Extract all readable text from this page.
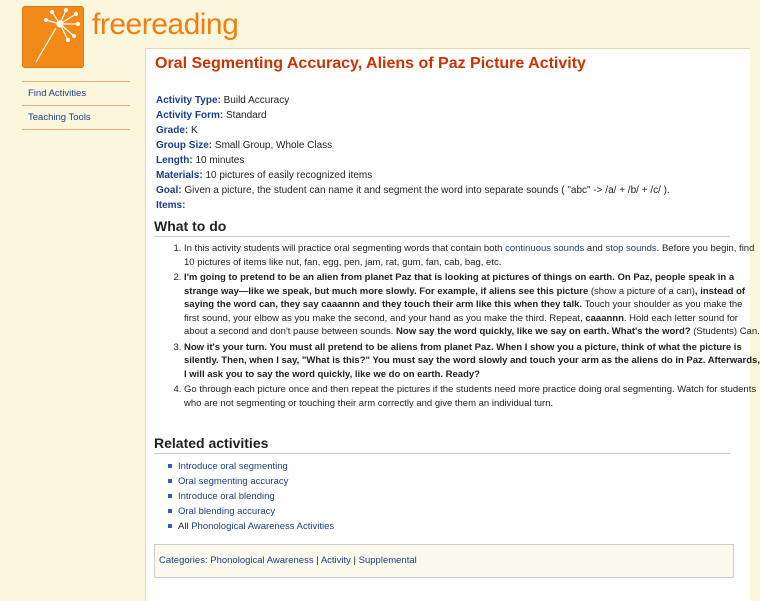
freereading
Find Activities
Teaching Tools
Oral Segmenting Accuracy, Aliens of Paz Picture Activity
Activity Type: Build Accuracy
Activity Form: Standard
Grade: K
Group Size: Small Group, Whole Class
Length: 10 minutes
Materials: 10 pictures of easily recognized items
Goal: Given a picture, the student can name it and segment the word into separate sounds ( "abc" -> /a/ + /b/ + /c/ ).
Items:
What to do
1. In this activity students will practice oral segmenting words that contain both continuous sounds and stop sounds. Before you begin, find 10 pictures of items like nut, fan, egg, pen, jam, rat, gum, fan, cab, bag, etc.
2. I'm going to pretend to be an alien from planet Paz that is looking at pictures of things on earth. On Paz, people speak in a strange way—like we speak, but much more slowly. For example, if aliens see this picture (show a picture of a can), instead of saying the word can, they say caaannn and they touch their arm like this when they talk. Touch your shoulder as you make the first sound, your elbow as you make the second, and your hand as you make the third. Repeat, caaannn. Hold each letter sound for about a second and don't pause between sounds. Now say the word quickly, like we say on earth. What's the word? (Students) Can.
3. Now it's your turn. You must all pretend to be aliens from planet Paz. When I show you a picture, think of what the picture is silently. Then, when I say, "What is this?" You must say the word slowly and touch your arm as the aliens do in Paz. Afterwards, I will ask you to say the word quickly, like we do on earth. Ready?
4. Go through each picture once and then repeat the pictures if the students need more practice doing oral segmenting. Watch for students who are not segmenting or touching their arm correctly and give them an individual turn.
Related activities
Introduce oral segmenting
Oral segmenting accuracy
Introduce oral blending
Oral blending accuracy
All Phonological Awareness Activities
Categories: Phonological Awareness | Activity | Supplemental
